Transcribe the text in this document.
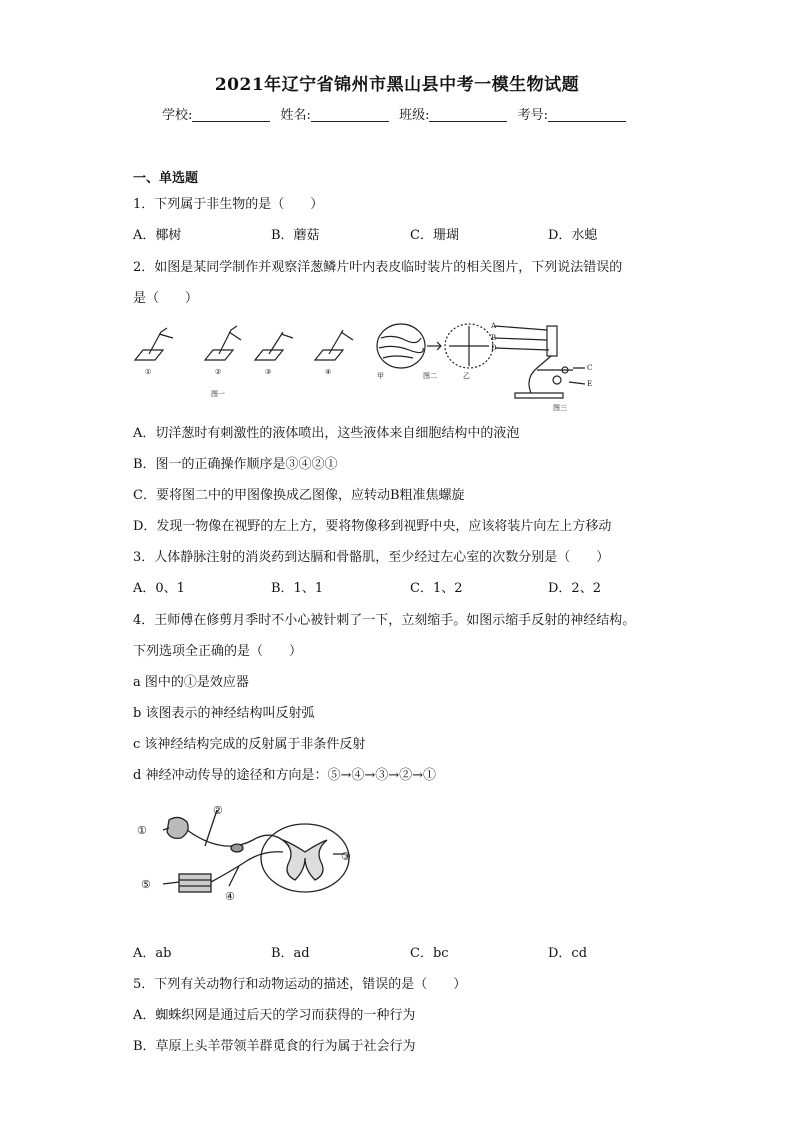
2021年辽宁省锦州市黑山县中考一模生物试题
学校:	姓名:	班级:	考号:
一、单选题
1．下列属于非生物的是（　　）
A．椰树	B．蘑菇	C．珊瑚	D．水螅
2．如图是某同学制作并观察洋葱鳞片叶内表皮临时装片的相关图片，下列说法错误的
是（　　）
①	②	③	④
A
B
D
C
E
图一
甲	图二	乙
图三
A．切洋葱时有刺激性的液体喷出，这些液体来自细胞结构中的液泡
B．图一的正确操作顺序是③④②①
C．要将图二中的甲图像换成乙图像，应转动B粗准焦螺旋
D．发现一物像在视野的左上方，要将物像移到视野中央，应该将装片向左上方移动
3．人体静脉注射的消炎药到达膈和骨骼肌，至少经过左心室的次数分别是（　　）
A．0、1	B．1、1	C．1、2	D．2、2
4．王师傅在修剪月季时不小心被针刺了一下，立刻缩手。如图示缩手反射的神经结构。
下列选项全正确的是（　　）
a 图中的①是效应器
b 该图表示的神经结构叫反射弧
c 该神经结构完成的反射属于非条件反射
d 神经冲动传导的途径和方向是：⑤→④→③→②→①
①
②
③
④
⑤
A．ab	B．ad	C．bc	D．cd
5．下列有关动物行和动物运动的描述，错误的是（　　）
A．蜘蛛织网是通过后天的学习而获得的一种行为
B．草原上头羊带领羊群觅食的行为属于社会行为
